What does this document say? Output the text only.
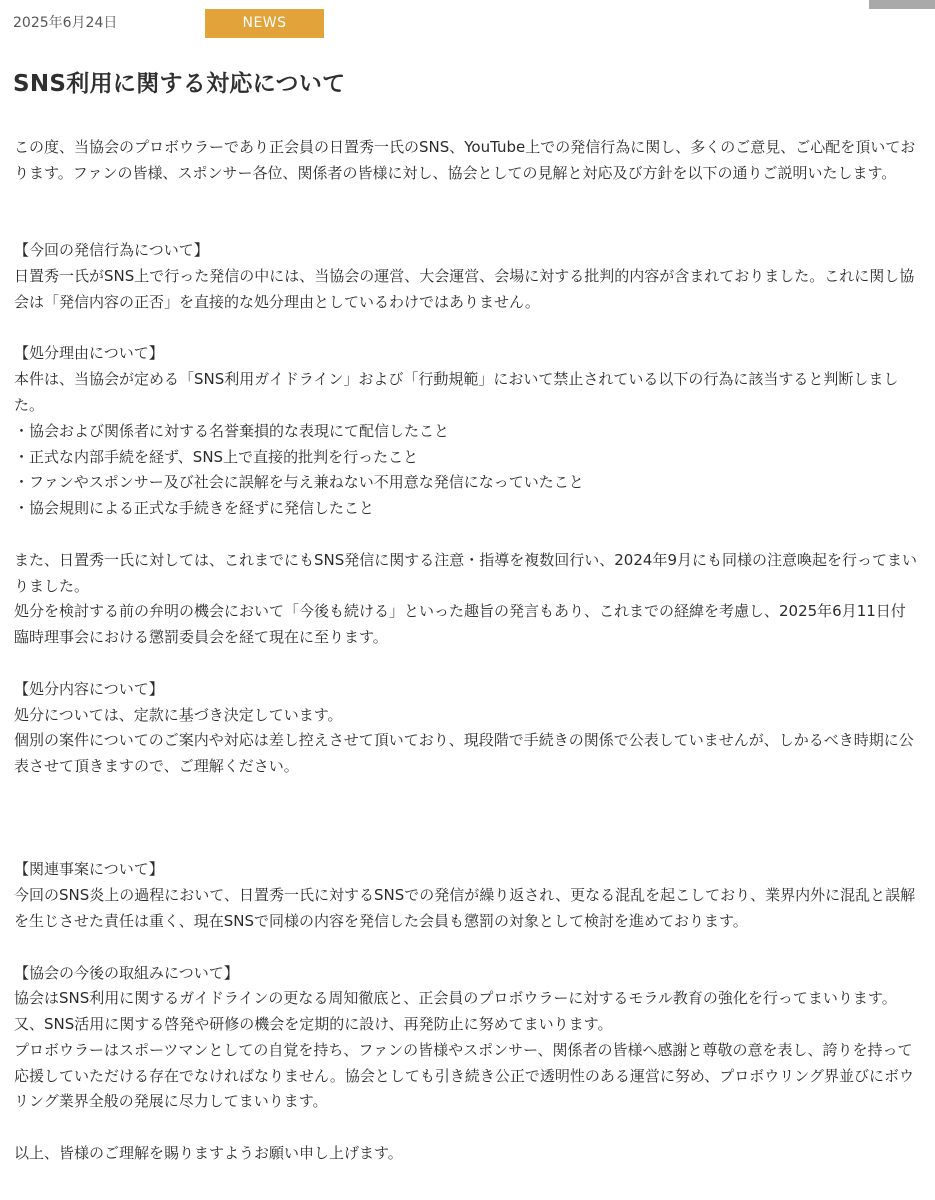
2025年6月24日	NEWS
SNS利用に関する対応について

この度、当協会のプロボウラーであり正会員の日置秀一氏のSNS、YouTube上での発信行為に関し、多くのご意見、ご心配を頂いております。ファンの皆様、スポンサー各位、関係者の皆様に対し、協会としての見解と対応及び方針を以下の通りご説明いたします。

【今回の発信行為について】

日置秀一氏がSNS上で行った発信の中には、当協会の運営、大会運営、会場に対する批判的内容が含まれておりました。これに関し協会は「発信内容の正否」を直接的な処分理由としているわけではありません。

【処分理由について】

本件は、当協会が定める「SNS利用ガイドライン」および「行動規範」において禁止されている以下の行為に該当すると判断しました。

・協会および関係者に対する名誉棄損的な表現にて配信したこと

・正式な内部手続を経ず、SNS上で直接的批判を行ったこと

・ファンやスポンサー及び社会に誤解を与え兼ねない不用意な発信になっていたこと

・協会規則による正式な手続きを経ずに発信したこと

また、日置秀一氏に対しては、これまでにもSNS発信に関する注意・指導を複数回行い、2024年9月にも同様の注意喚起を行ってまいりました。

処分を検討する前の弁明の機会において「今後も続ける」といった趣旨の発言もあり、これまでの経緯を考慮し、2025年6月11日付臨時理事会における懲罰委員会を経て現在に至ります。

【処分内容について】

処分については、定款に基づき決定しています。

個別の案件についてのご案内や対応は差し控えさせて頂いており、現段階で手続きの関係で公表していませんが、しかるべき時期に公表させて頂きますので、ご理解ください。

【関連事案について】

今回のSNS炎上の過程において、日置秀一氏に対するSNSでの発信が繰り返され、更なる混乱を起こしており、業界内外に混乱と誤解を生じさせた責任は重く、現在SNSで同様の内容を発信した会員も懲罰の対象として検討を進めております。

【協会の今後の取組みについて】

協会はSNS利用に関するガイドラインの更なる周知徹底と、正会員のプロボウラーに対するモラル教育の強化を行ってまいります。又、SNS活用に関する啓発や研修の機会を定期的に設け、再発防止に努めてまいります。

プロボウラーはスポーツマンとしての自覚を持ち、ファンの皆様やスポンサー、関係者の皆様へ感謝と尊敬の意を表し、誇りを持って応援していただける存在でなければなりません。協会としても引き続き公正で透明性のある運営に努め、プロボウリング界並びにボウリング業界全般の発展に尽力してまいります。

以上、皆様のご理解を賜りますようお願い申し上げます。
